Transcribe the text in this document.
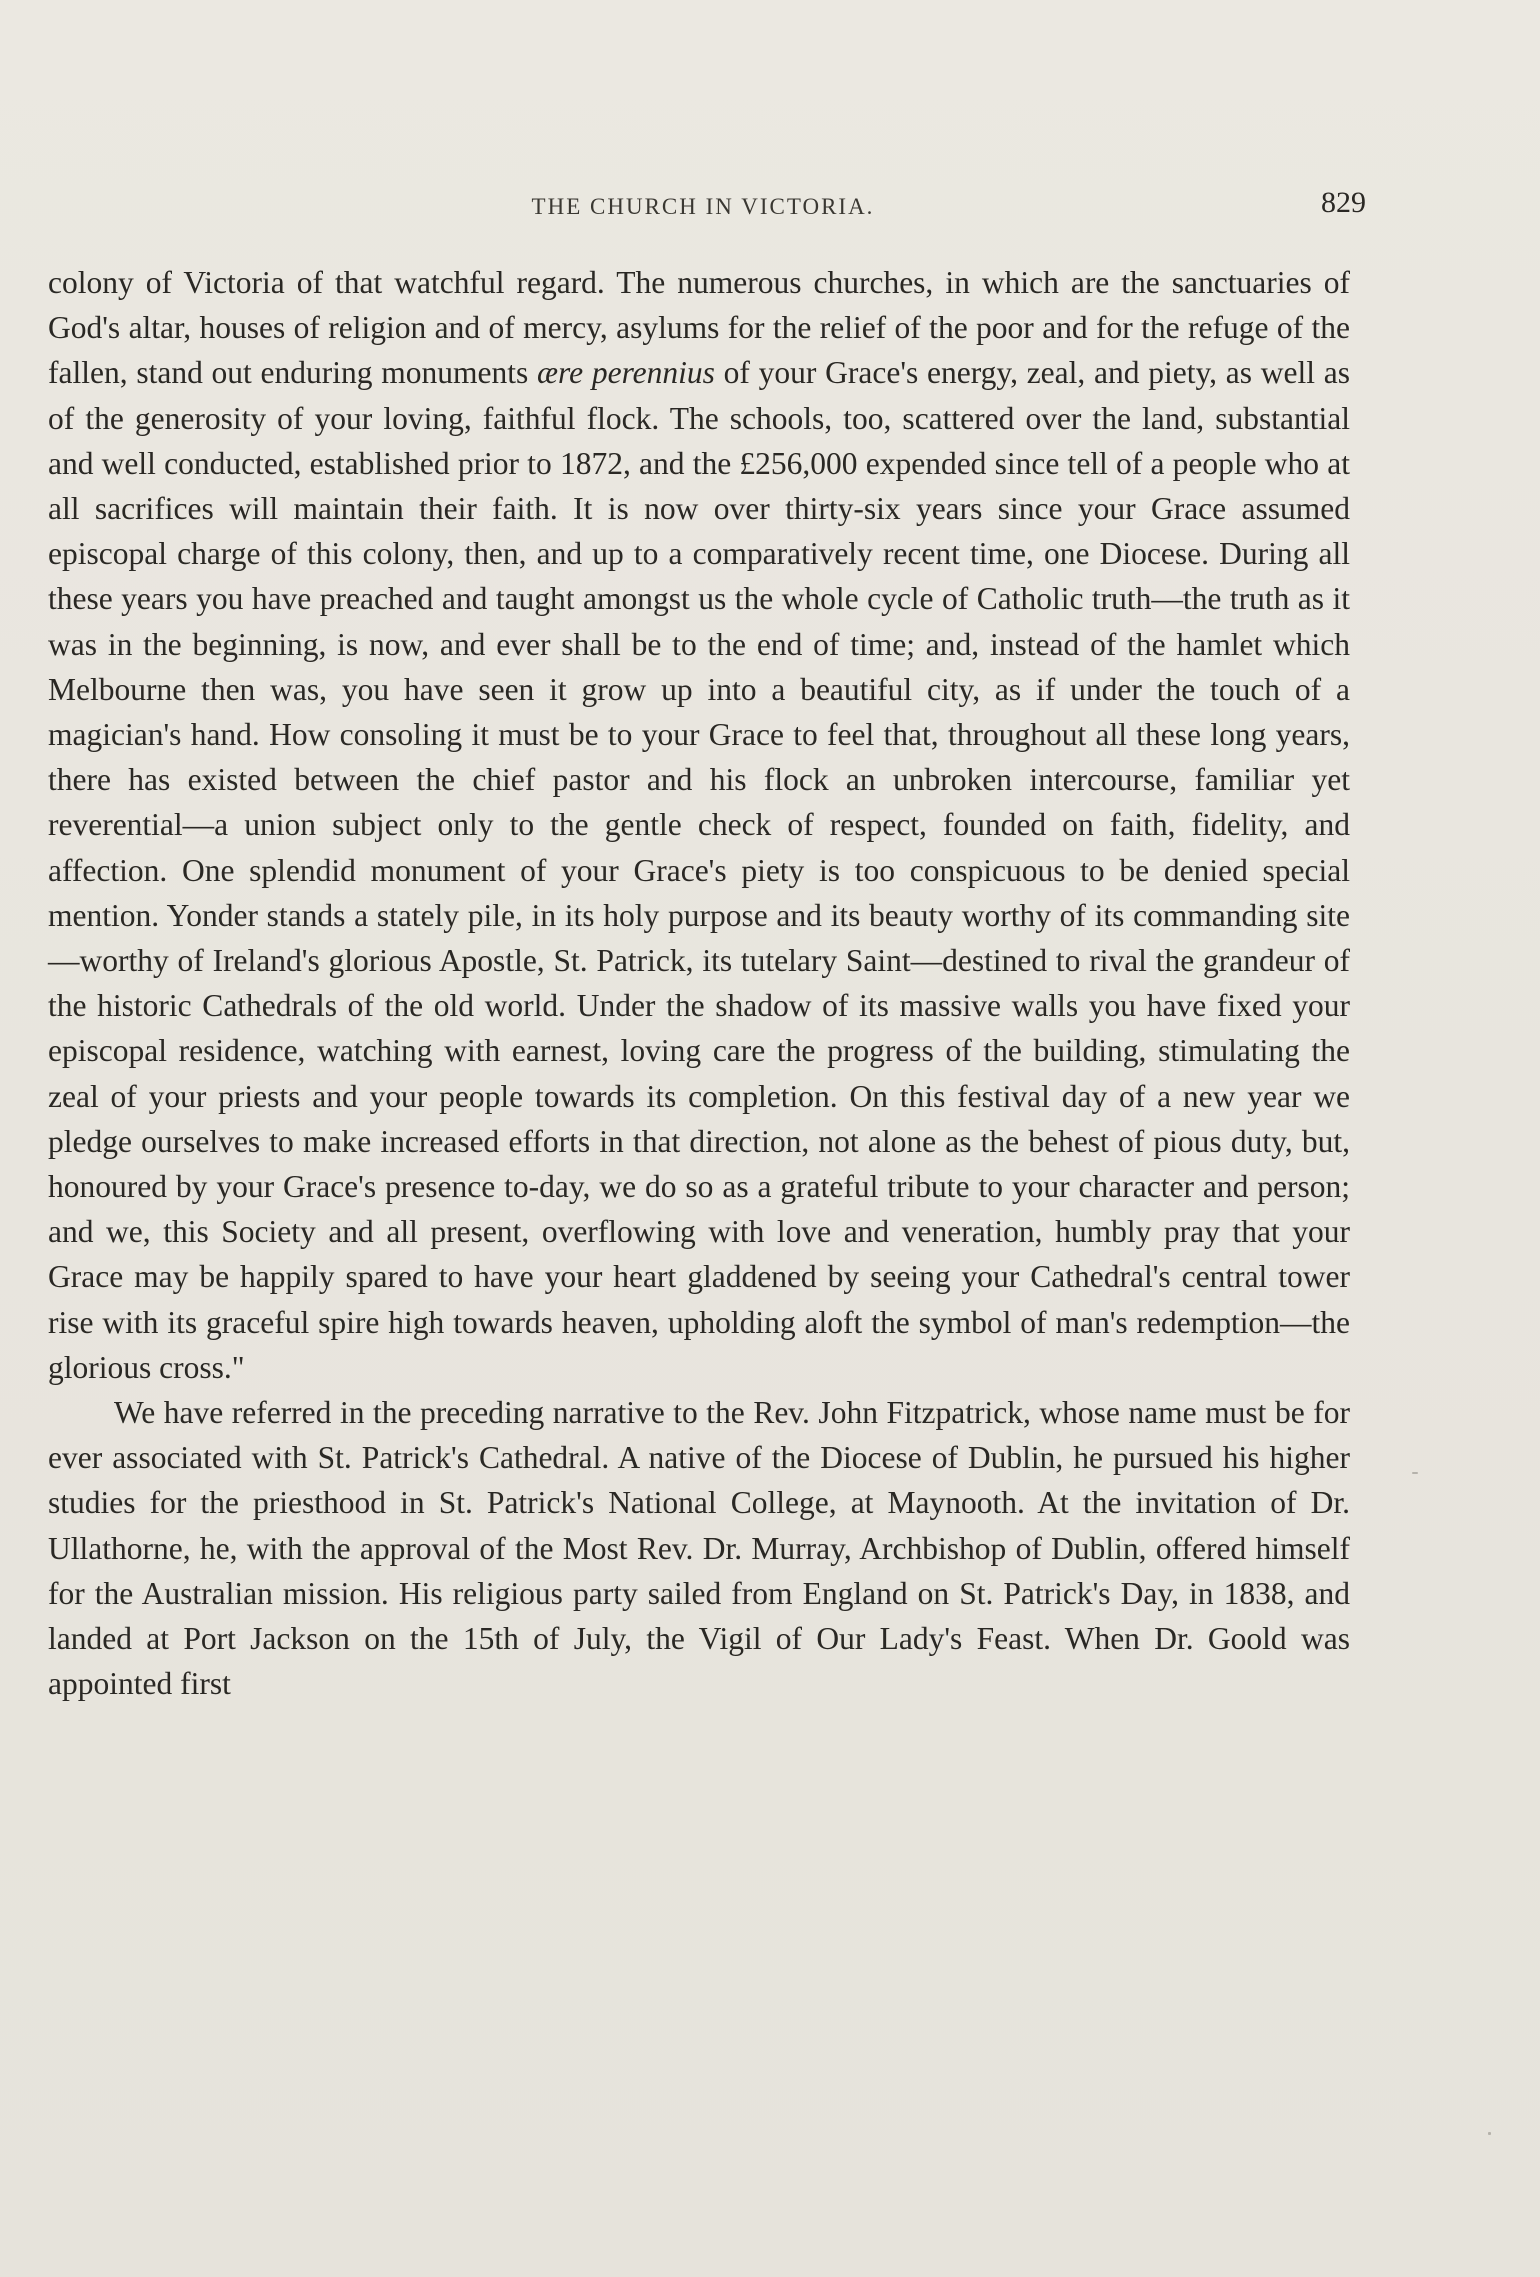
THE CHURCH IN VICTORIA.	829

colony of Victoria of that watchful regard. The numerous churches, in which are the sanctuaries of God's altar, houses of religion and of mercy, asylums for the relief of the poor and for the refuge of the fallen, stand out enduring monuments ære perennius of your Grace's energy, zeal, and piety, as well as of the generosity of your loving, faithful flock. The schools, too, scattered over the land, substantial and well conducted, established prior to 1872, and the £256,000 expended since tell of a people who at all sacrifices will maintain their faith. It is now over thirty-six years since your Grace assumed episcopal charge of this colony, then, and up to a comparatively recent time, one Diocese. During all these years you have preached and taught amongst us the whole cycle of Catholic truth—the truth as it was in the beginning, is now, and ever shall be to the end of time; and, instead of the hamlet which Melbourne then was, you have seen it grow up into a beautiful city, as if under the touch of a magician's hand. How consoling it must be to your Grace to feel that, throughout all these long years, there has existed between the chief pastor and his flock an unbroken intercourse, familiar yet reverential—a union subject only to the gentle check of respect, founded on faith, fidelity, and affection. One splendid monument of your Grace's piety is too conspicuous to be denied special mention. Yonder stands a stately pile, in its holy purpose and its beauty worthy of its commanding site—worthy of Ireland's glorious Apostle, St. Patrick, its tutelary Saint—destined to rival the grandeur of the historic Cathedrals of the old world. Under the shadow of its massive walls you have fixed your episcopal residence, watching with earnest, loving care the progress of the building, stimulating the zeal of your priests and your people towards its completion. On this festival day of a new year we pledge ourselves to make increased efforts in that direction, not alone as the behest of pious duty, but, honoured by your Grace's presence to-day, we do so as a grateful tribute to your character and person; and we, this Society and all present, overflowing with love and veneration, humbly pray that your Grace may be happily spared to have your heart gladdened by seeing your Cathedral's central tower rise with its graceful spire high towards heaven, upholding aloft the symbol of man's redemption—the glorious cross."

We have referred in the preceding narrative to the Rev. John Fitzpatrick, whose name must be for ever associated with St. Patrick's Cathedral. A native of the Diocese of Dublin, he pursued his higher studies for the priesthood in St. Patrick's National College, at Maynooth. At the invitation of Dr. Ullathorne, he, with the approval of the Most Rev. Dr. Murray, Archbishop of Dublin, offered himself for the Australian mission. His religious party sailed from England on St. Patrick's Day, in 1838, and landed at Port Jackson on the 15th of July, the Vigil of Our Lady's Feast. When Dr. Goold was appointed first
